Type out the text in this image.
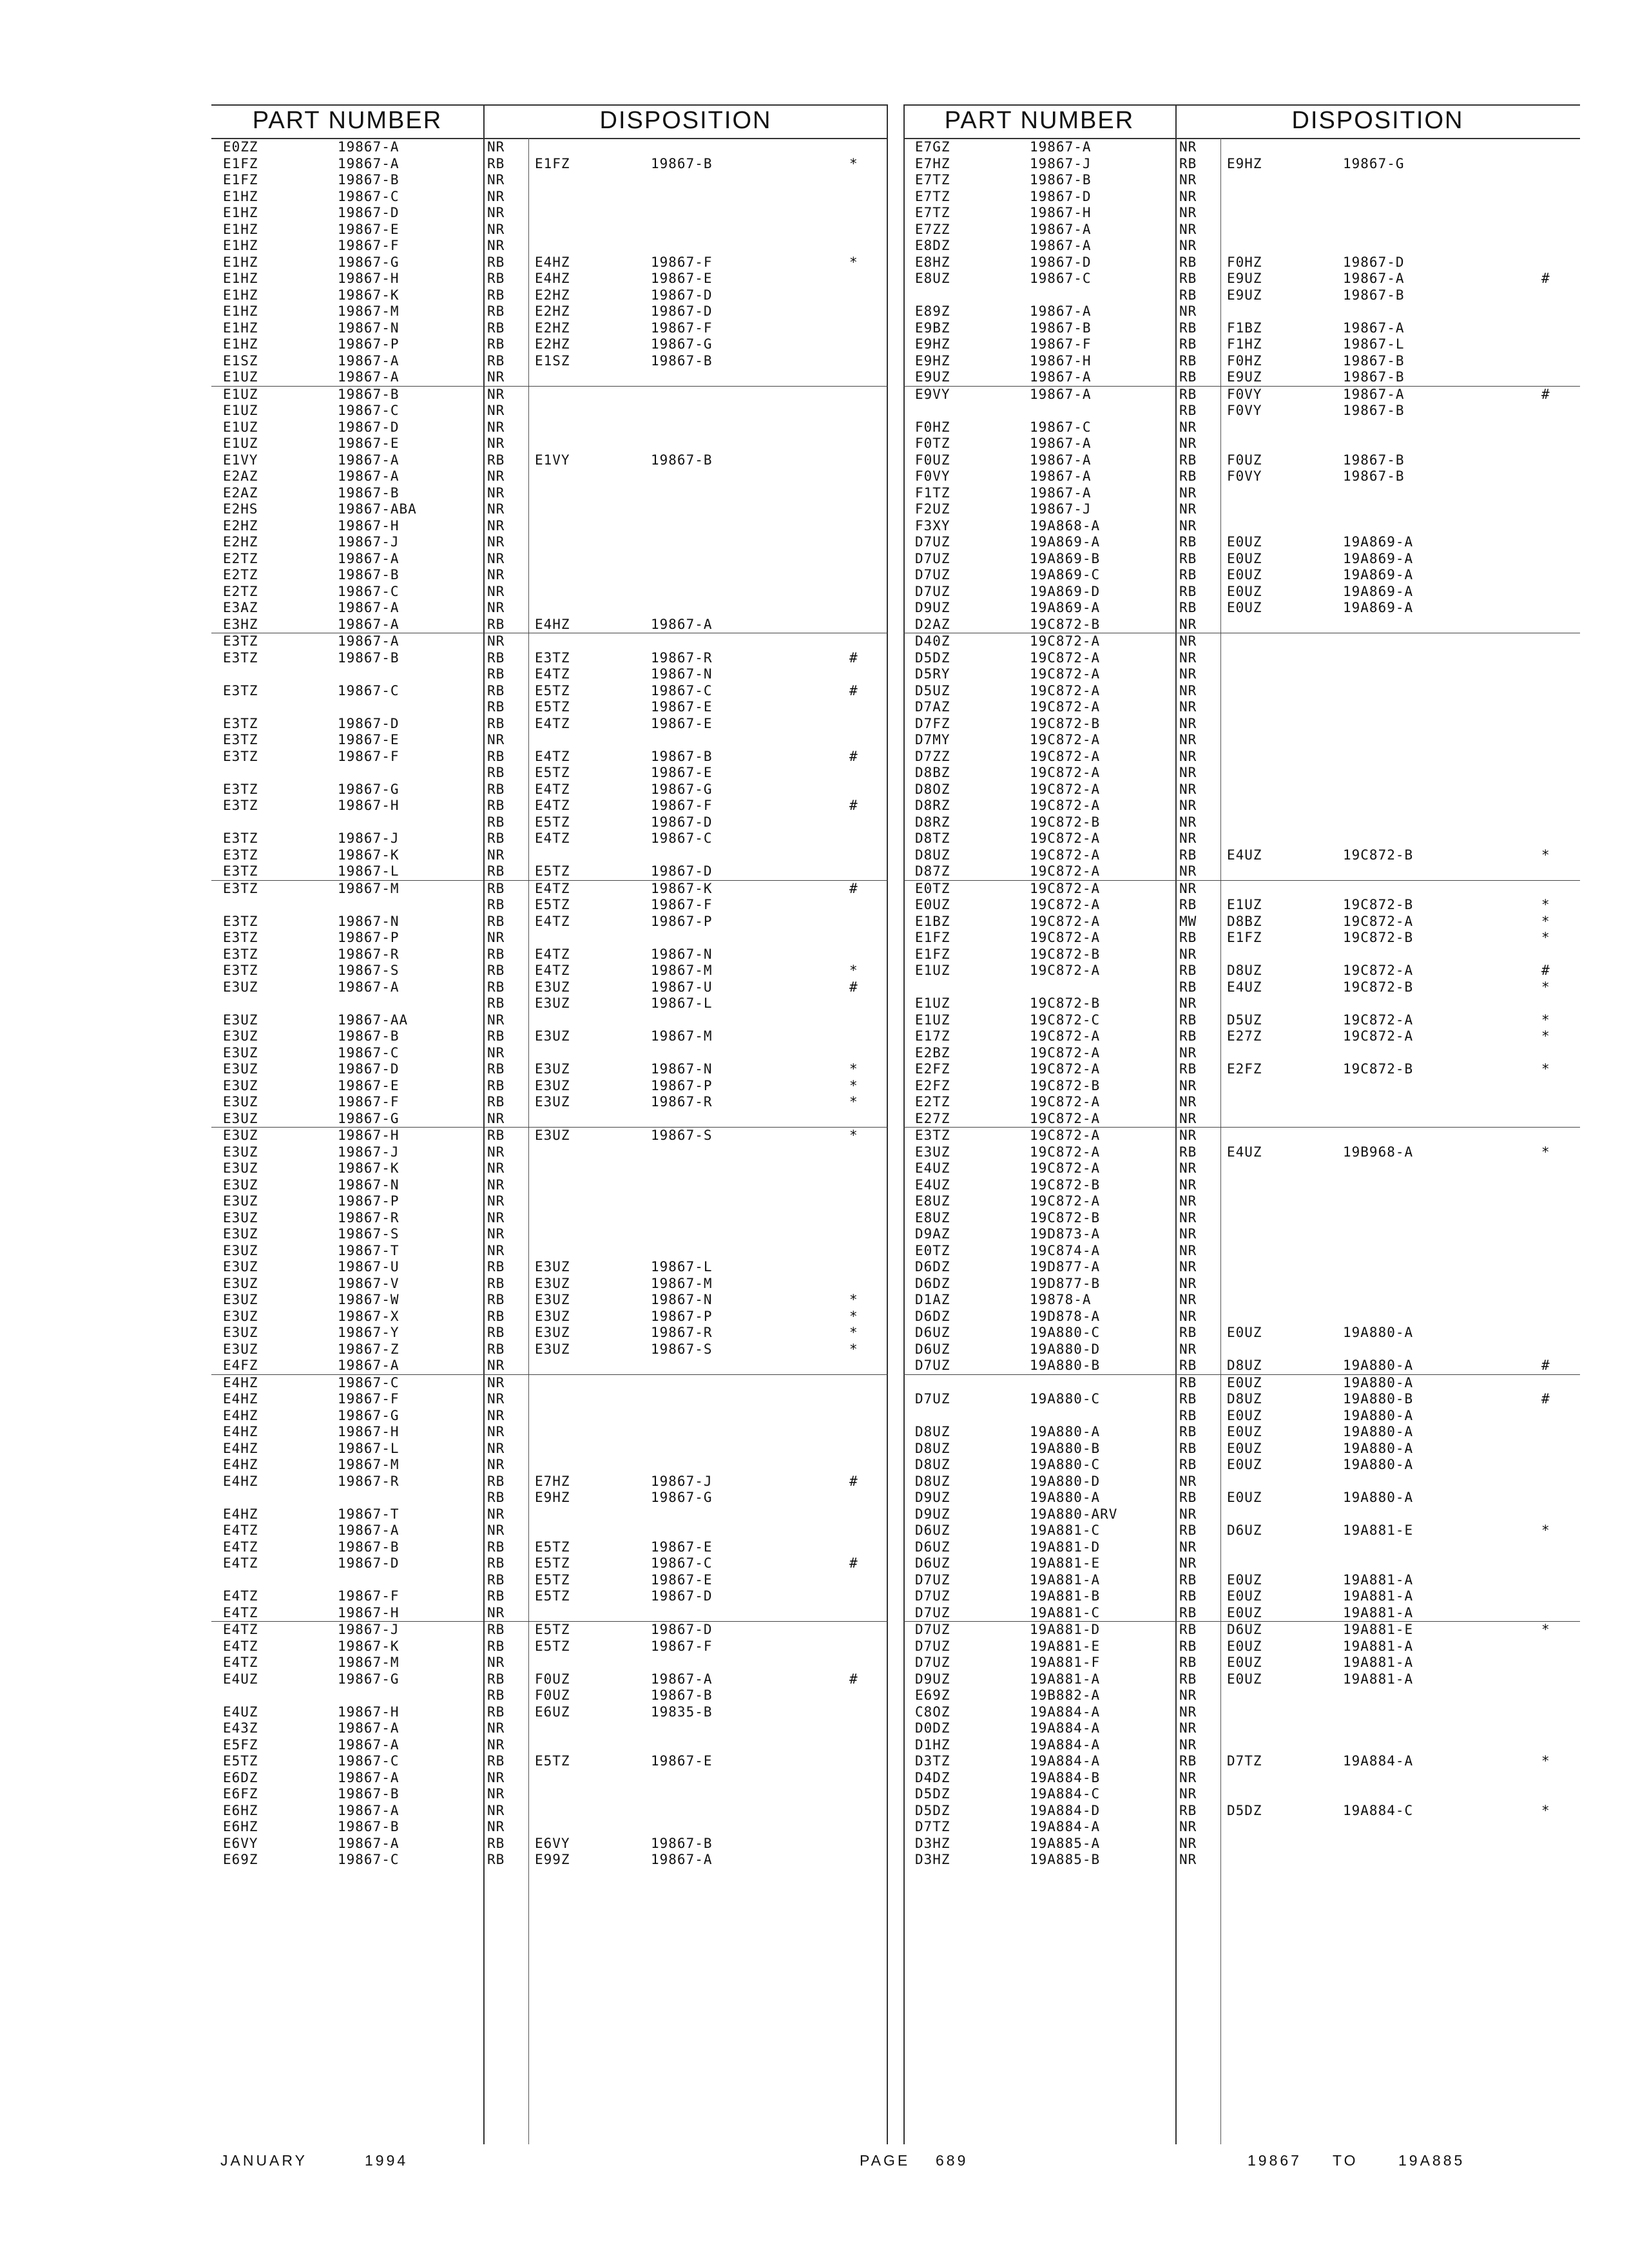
PART NUMBER	DISPOSITION
E0ZZ	19867-A	NR
E1FZ	19867-A	RB E1FZ	19867-B	*
E1FZ	19867-B	NR
E1HZ	19867-C	NR
E1HZ	19867-D	NR
E1HZ	19867-E	NR
E1HZ	19867-F	NR
E1HZ	19867-G	RB E4HZ	19867-F	*
E1HZ	19867-H	RB E4HZ	19867-E
E1HZ	19867-K	RB E2HZ	19867-D
E1HZ	19867-M	RB E2HZ	19867-D
E1HZ	19867-N	RB E2HZ	19867-F
E1HZ	19867-P	RB E2HZ	19867-G
E1SZ	19867-A	RB E1SZ	19867-B
E1UZ	19867-A	NR
E1UZ	19867-B	NR
E1UZ	19867-C	NR
E1UZ	19867-D	NR
E1UZ	19867-E	NR
E1VY	19867-A	RB E1VY	19867-B
E2AZ	19867-A	NR
E2AZ	19867-B	NR
E2HS	19867-ABA	NR
E2HZ	19867-H	NR
E2HZ	19867-J	NR
E2TZ	19867-A	NR
E2TZ	19867-B	NR
E2TZ	19867-C	NR
E3AZ	19867-A	NR
E3HZ	19867-A	RB E4HZ	19867-A
E3TZ	19867-A	NR
E3TZ	19867-B	RB E3TZ	19867-R	#
RB E4TZ	19867-N
E3TZ	19867-C	RB E5TZ	19867-C	#
RB E5TZ	19867-E
E3TZ	19867-D	RB E4TZ	19867-E
E3TZ	19867-E	NR
E3TZ	19867-F	RB E4TZ	19867-B	#
RB E5TZ	19867-E
E3TZ	19867-G	RB E4TZ	19867-G
E3TZ	19867-H	RB E4TZ	19867-F	#
RB E5TZ	19867-D
E3TZ	19867-J	RB E4TZ	19867-C
E3TZ	19867-K	NR
E3TZ	19867-L	RB E5TZ	19867-D
E3TZ	19867-M	RB E4TZ	19867-K	#
RB E5TZ	19867-F
E3TZ	19867-N	RB E4TZ	19867-P
E3TZ	19867-P	NR
E3TZ	19867-R	RB E4TZ	19867-N
E3TZ	19867-S	RB E4TZ	19867-M	*
E3UZ	19867-A	RB E3UZ	19867-U	#
RB E3UZ	19867-L
E3UZ	19867-AA	NR
E3UZ	19867-B	RB E3UZ	19867-M
E3UZ	19867-C	NR
E3UZ	19867-D	RB E3UZ	19867-N	*
E3UZ	19867-E	RB E3UZ	19867-P	*
E3UZ	19867-F	RB E3UZ	19867-R	*
E3UZ	19867-G	NR
E3UZ	19867-H	RB E3UZ	19867-S	*
E3UZ	19867-J	NR
E3UZ	19867-K	NR
E3UZ	19867-N	NR
E3UZ	19867-P	NR
E3UZ	19867-R	NR
E3UZ	19867-S	NR
E3UZ	19867-T	NR
E3UZ	19867-U	RB E3UZ	19867-L
E3UZ	19867-V	RB E3UZ	19867-M
E3UZ	19867-W	RB E3UZ	19867-N	*
E3UZ	19867-X	RB E3UZ	19867-P	*
E3UZ	19867-Y	RB E3UZ	19867-R	*
E3UZ	19867-Z	RB E3UZ	19867-S	*
E4FZ	19867-A	NR
E4HZ	19867-C	NR
E4HZ	19867-F	NR
E4HZ	19867-G	NR
E4HZ	19867-H	NR
E4HZ	19867-L	NR
E4HZ	19867-M	NR
E4HZ	19867-R	RB E7HZ	19867-J	#
RB E9HZ	19867-G
E4HZ	19867-T	NR
E4TZ	19867-A	NR
E4TZ	19867-B	RB E5TZ	19867-E
E4TZ	19867-D	RB E5TZ	19867-C	#
RB E5TZ	19867-E
E4TZ	19867-F	RB E5TZ	19867-D
E4TZ	19867-H	NR
E4TZ	19867-J	RB E5TZ	19867-D
E4TZ	19867-K	RB E5TZ	19867-F
E4TZ	19867-M	NR
E4UZ	19867-G	RB F0UZ	19867-A	#
RB F0UZ	19867-B
E4UZ	19867-H	RB E6UZ	19835-B
E43Z	19867-A	NR
E5FZ	19867-A	NR
E5TZ	19867-C	RB E5TZ	19867-E
E6DZ	19867-A	NR
E6FZ	19867-B	NR
E6HZ	19867-A	NR
E6HZ	19867-B	NR
E6VY	19867-A	RB E6VY	19867-B
E69Z	19867-C	RB E99Z	19867-A
PART NUMBER	DISPOSITION
E7GZ	19867-A	NR
E7HZ	19867-J	RB E9HZ	19867-G
E7TZ	19867-B	NR
E7TZ	19867-D	NR
E7TZ	19867-H	NR
E7ZZ	19867-A	NR
E8DZ	19867-A	NR
E8HZ	19867-D	RB F0HZ	19867-D
E8UZ	19867-C	RB E9UZ	19867-A	#
RB E9UZ	19867-B
E89Z	19867-A	NR
E9BZ	19867-B	RB F1BZ	19867-A
E9HZ	19867-F	RB F1HZ	19867-L
E9HZ	19867-H	RB F0HZ	19867-B
E9UZ	19867-A	RB E9UZ	19867-B
E9VY	19867-A	RB F0VY	19867-A	#
RB F0VY	19867-B
F0HZ	19867-C	NR
F0TZ	19867-A	NR
F0UZ	19867-A	RB F0UZ	19867-B
F0VY	19867-A	RB F0VY	19867-B
F1TZ	19867-A	NR
F2UZ	19867-J	NR
F3XY	19A868-A	NR
D7UZ	19A869-A	RB E0UZ	19A869-A
D7UZ	19A869-B	RB E0UZ	19A869-A
D7UZ	19A869-C	RB E0UZ	19A869-A
D7UZ	19A869-D	RB E0UZ	19A869-A
D9UZ	19A869-A	RB E0UZ	19A869-A
D2AZ	19C872-B	NR
D40Z	19C872-A	NR
D5DZ	19C872-A	NR
D5RY	19C872-A	NR
D5UZ	19C872-A	NR
D7AZ	19C872-A	NR
D7FZ	19C872-B	NR
D7MY	19C872-A	NR
D7ZZ	19C872-A	NR
D8BZ	19C872-A	NR
D8OZ	19C872-A	NR
D8RZ	19C872-A	NR
D8RZ	19C872-B	NR
D8TZ	19C872-A	NR
D8UZ	19C872-A	RB E4UZ	19C872-B	*
D87Z	19C872-A	NR
E0TZ	19C872-A	NR
E0UZ	19C872-A	RB E1UZ	19C872-B	*
E1BZ	19C872-A	MW D8BZ	19C872-A	*
E1FZ	19C872-A	RB E1FZ	19C872-B	*
E1FZ	19C872-B	NR
E1UZ	19C872-A	RB D8UZ	19C872-A	#
RB E4UZ	19C872-B	*
E1UZ	19C872-B	NR
E1UZ	19C872-C	RB D5UZ	19C872-A	*
E17Z	19C872-A	RB E27Z	19C872-A	*
E2BZ	19C872-A	NR
E2FZ	19C872-A	RB E2FZ	19C872-B	*
E2FZ	19C872-B	NR
E2TZ	19C872-A	NR
E27Z	19C872-A	NR
E3TZ	19C872-A	NR
E3UZ	19C872-A	RB E4UZ	19B968-A	*
E4UZ	19C872-A	NR
E4UZ	19C872-B	NR
E8UZ	19C872-A	NR
E8UZ	19C872-B	NR
D9AZ	19D873-A	NR
E0TZ	19C874-A	NR
D6DZ	19D877-A	NR
D6DZ	19D877-B	NR
D1AZ	19878-A	NR
D6DZ	19D878-A	NR
D6UZ	19A880-C	RB E0UZ	19A880-A
D6UZ	19A880-D	NR
D7UZ	19A880-B	RB D8UZ	19A880-A	#
RB E0UZ	19A880-A
D7UZ	19A880-C	RB D8UZ	19A880-B	#
RB E0UZ	19A880-A
D8UZ	19A880-A	RB E0UZ	19A880-A
D8UZ	19A880-B	RB E0UZ	19A880-A
D8UZ	19A880-C	RB E0UZ	19A880-A
D8UZ	19A880-D	NR
D9UZ	19A880-A	RB E0UZ	19A880-A
D9UZ	19A880-ARV	NR
D6UZ	19A881-C	RB D6UZ	19A881-E	*
D6UZ	19A881-D	NR
D6UZ	19A881-E	NR
D7UZ	19A881-A	RB E0UZ	19A881-A
D7UZ	19A881-B	RB E0UZ	19A881-A
D7UZ	19A881-C	RB E0UZ	19A881-A
D7UZ	19A881-D	RB D6UZ	19A881-E	*
D7UZ	19A881-E	RB E0UZ	19A881-A
D7UZ	19A881-F	RB E0UZ	19A881-A
D9UZ	19A881-A	RB E0UZ	19A881-A
E69Z	19B882-A	NR
C8OZ	19A884-A	NR
D0DZ	19A884-A	NR
D1HZ	19A884-A	NR
D3TZ	19A884-A	RB D7TZ	19A884-A	*
D4DZ	19A884-B	NR
D5DZ	19A884-C	NR
D5DZ	19A884-D	RB D5DZ	19A884-C	*
D7TZ	19A884-A	NR
D3HZ	19A885-A	NR
D3HZ	19A885-B	NR
JANUARY	1994	PAGE 689	19867 TO	19A885
